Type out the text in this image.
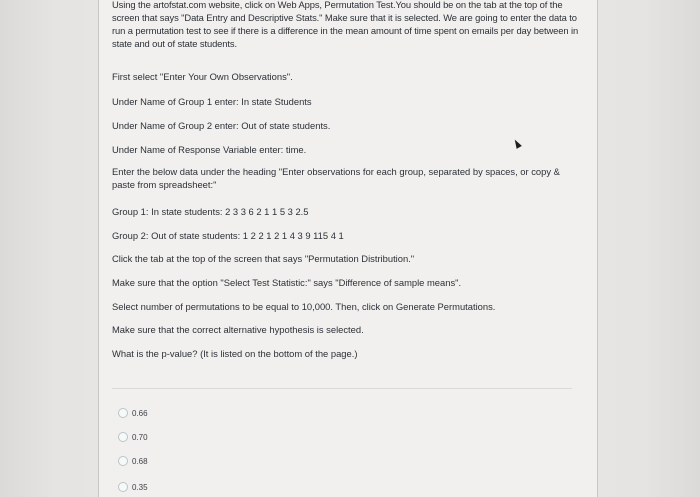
Using the artofstat.com website, click on Web Apps, Permutation Test.You should be on the tab at the top of the screen that says "Data Entry and Descriptive Stats." Make sure that it is selected. We are going to enter the data to run a permutation test to see if there is a difference in the mean amount of time spent on emails per day between in state and out of state students.

First select "Enter Your Own Observations".

Under Name of Group 1 enter: In state Students

Under Name of Group 2 enter: Out of state students.

Under Name of Response Variable enter: time.

Enter the below data under the heading "Enter observations for each group, separated by spaces, or copy & paste from spreadsheet:"

Group 1: In state students: 2 3 3 6 2 1 1 5 3 2.5

Group 2: Out of state students: 1 2 2 1 2 1 4 3 9 115 4 1

Click the tab at the top of the screen that says "Permutation Distribution."

Make sure that the option "Select Test Statistic:" says "Difference of sample means".

Select number of permutations to be equal to 10,000. Then, click on Generate Permutations.

Make sure that the correct alternative hypothesis is selected.

What is the p-value? (It is listed on the bottom of the page.)

0.66
0.70
0.68
0.35
